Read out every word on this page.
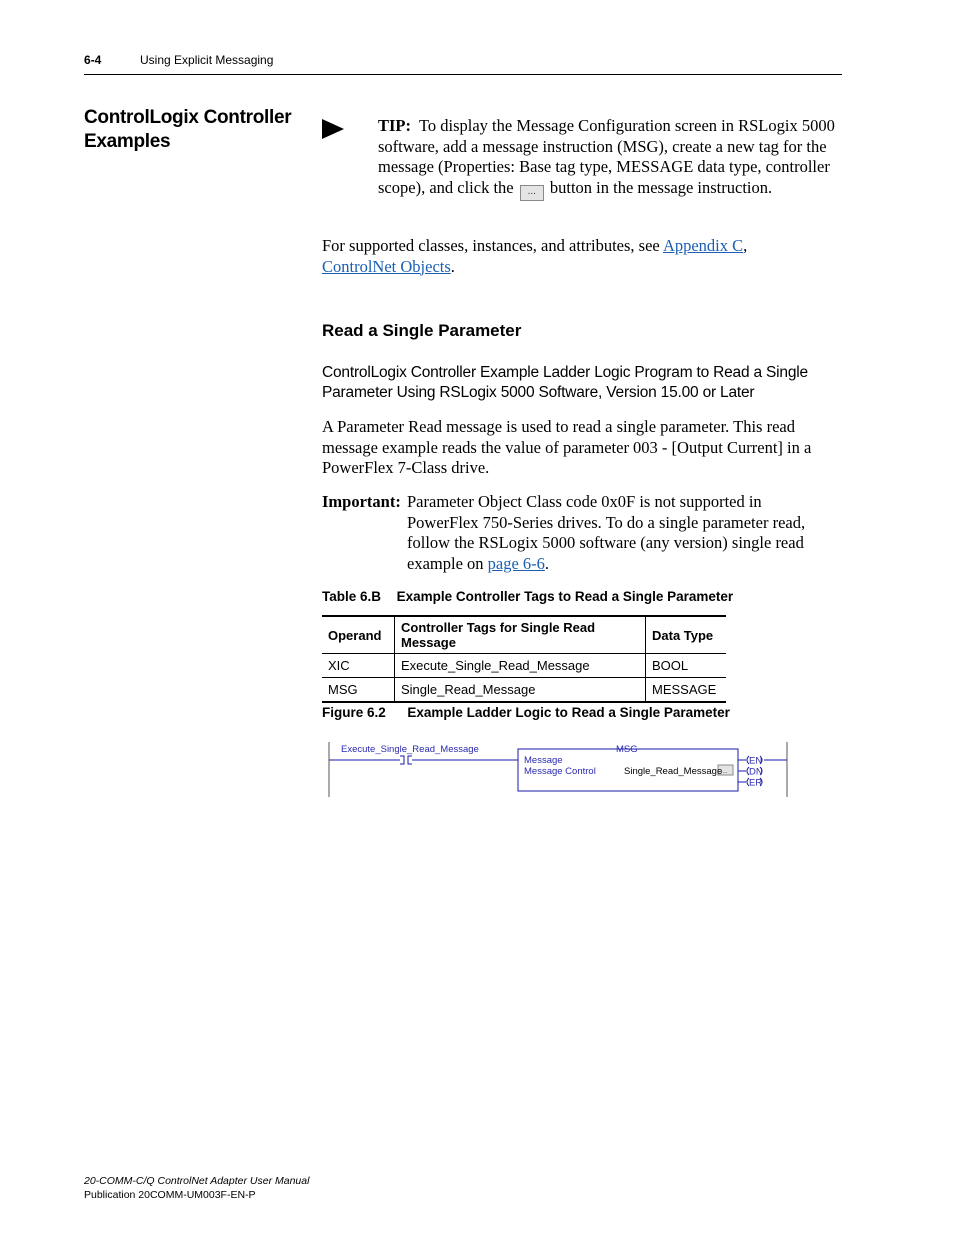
6-4	Using Explicit Messaging
ControlLogix Controller Examples
TIP: To display the Message Configuration screen in RSLogix 5000 software, add a message instruction (MSG), create a new tag for the message (Properties: Base tag type, MESSAGE data type, controller scope), and click the ... button in the message instruction.
For supported classes, instances, and attributes, see Appendix C,
ControlNet Objects.
Read a Single Parameter
ControlLogix Controller Example Ladder Logic Program to Read a Single Parameter Using RSLogix 5000 Software, Version 15.00 or Later
A Parameter Read message is used to read a single parameter. This read message example reads the value of parameter 003 - [Output Current] in a PowerFlex 7-Class drive.
Important: Parameter Object Class code 0x0F is not supported in PowerFlex 750-Series drives. To do a single parameter read, follow the RSLogix 5000 software (any version) single read example on page 6-6.
Table 6.B Example Controller Tags to Read a Single Parameter
Operand	Controller Tags for Single Read Message	Data Type
XIC	Execute_Single_Read_Message	BOOL
MSG	Single_Read_Message	MESSAGE
Figure 6.2 Example Ladder Logic to Read a Single Parameter
Execute_Single_Read_Message	MSG
Message
Message Control	Single_Read_Message
...
EN
DN
ER
20-COMM-C/Q ControlNet Adapter User Manual
Publication 20COMM-UM003F-EN-P
